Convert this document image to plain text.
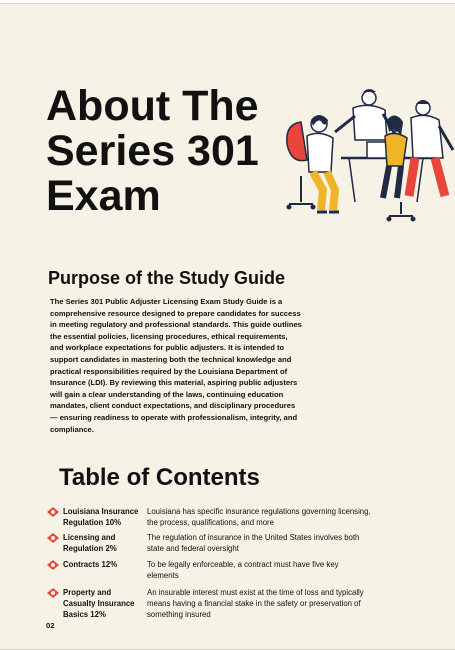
About The
Series 301
Exam
Purpose of the Study Guide
The Series 301 Public Adjuster Licensing Exam Study Guide is a comprehensive resource designed to prepare candidates for success in meeting regulatory and professional standards. This guide outlines the essential policies, licensing procedures, ethical requirements, and workplace expectations for public adjusters. It is intended to support candidates in mastering both the technical knowledge and practical responsibilities required by the Louisiana Department of Insurance (LDI). By reviewing this material, aspiring public adjusters will gain a clear understanding of the laws, continuing education mandates, client conduct expectations, and disciplinary procedures — ensuring readiness to operate with professionalism, integrity, and compliance.
Table of Contents
Louisiana Insurance Regulation 10%
Louisiana has specific insurance regulations governing licensing, the process, qualifications, and more
Licensing and Regulation 2%
The regulation of insurance in the United States involves both state and federal oversight
Contracts 12%	To be legally enforceable, a contract must have five key elements
Property and Casualty Insurance Basics 12%
An insurable interest must exist at the time of loss and typically means having a financial stake in the safety or preservation of something insured
02
